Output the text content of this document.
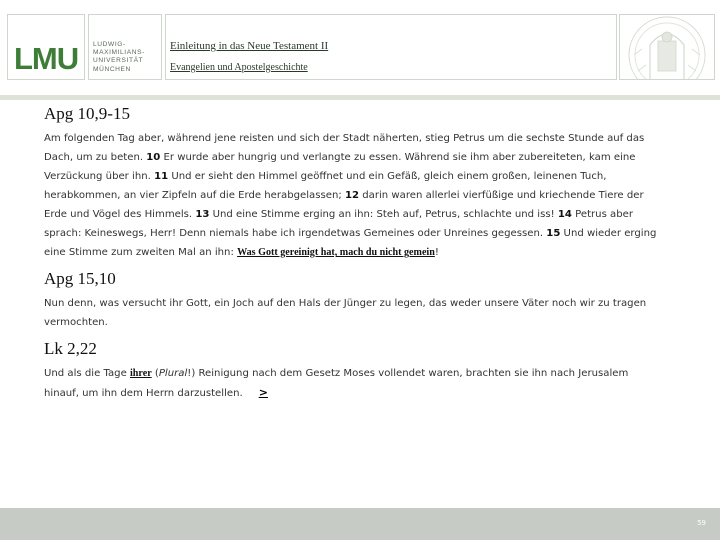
LMU LUDWIG-
MAXIMILIANS-
UNIVERSITÄT
MÜNCHEN
Einleitung in das Neue Testament II
Evangelien und Apostelgeschichte
Apg 10,9-15

Am folgenden Tag aber, während jene reisten und sich der Stadt näherten, stieg Petrus um die sechste Stunde auf das Dach, um zu beten. 10 Er wurde aber hungrig und verlangte zu essen. Während sie ihm aber zubereiteten, kam eine Verzückung über ihn. 11 Und er sieht den Himmel geöffnet und ein Gefäß, gleich einem großen, leinenen Tuch, herabkommen, an vier Zipfeln auf die Erde herabgelassen; 12 darin waren allerlei vierfüßige und kriechende Tiere der Erde und Vögel des Himmels. 13 Und eine Stimme erging an ihn: Steh auf, Petrus, schlachte und iss! 14 Petrus aber sprach: Keineswegs, Herr! Denn niemals habe ich irgendetwas Gemeines oder Unreines gegessen. 15 Und wieder erging eine Stimme zum zweiten Mal an ihn: Was Gott gereinigt hat, mach du nicht gemein!

Apg 15,10

Nun denn, was versucht ihr Gott, ein Joch auf den Hals der Jünger zu legen, das weder unsere Väter noch wir zu tragen vermochten.

Lk 2,22

Und als die Tage ihrer (Plural!) Reinigung nach dem Gesetz Moses vollendet waren, brachten sie ihn nach Jerusalem hinauf, um ihn dem Herrn darzustellen. >

59
